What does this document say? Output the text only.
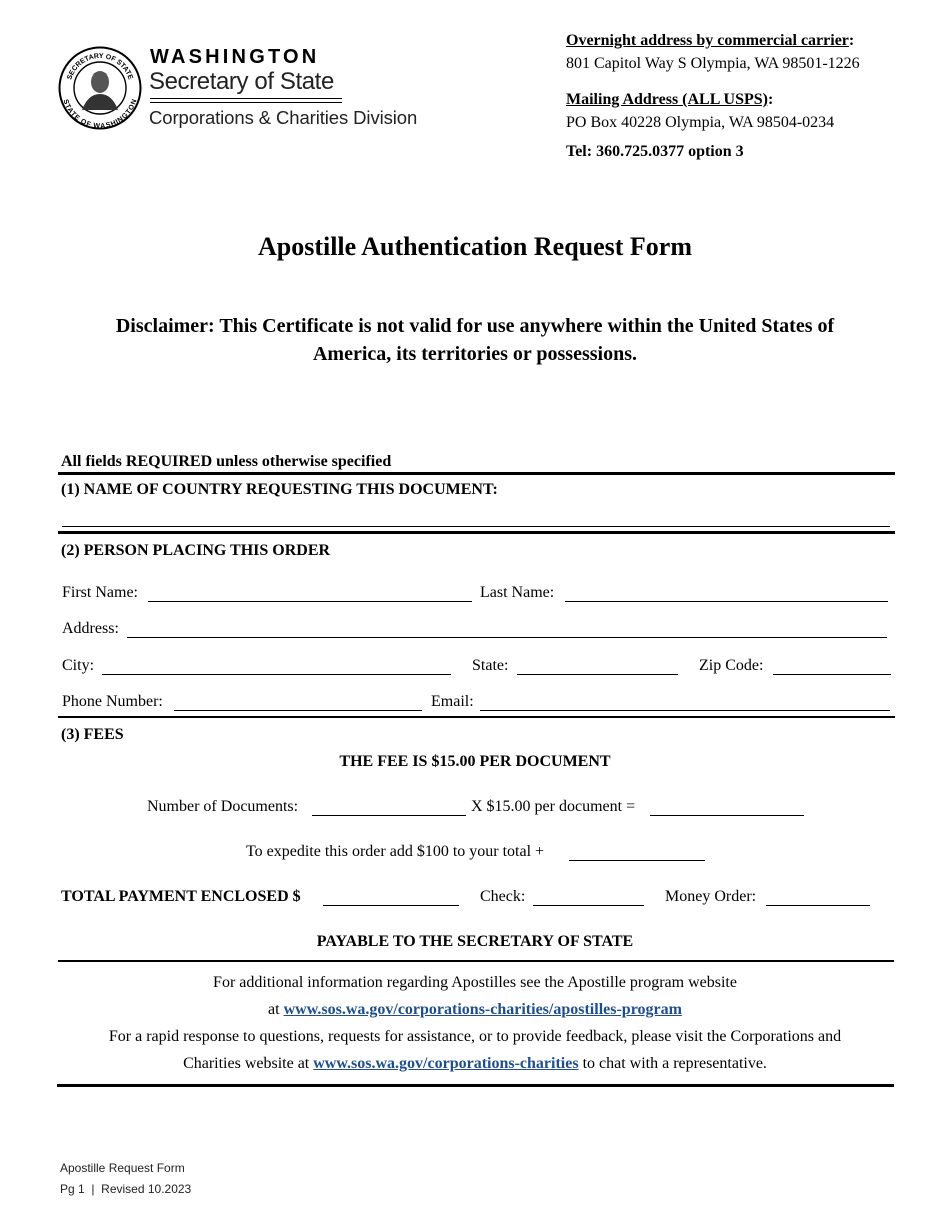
SECRETARY OF STATE
STATE OF WASHINGTON
WASHINGTON
Secretary of State
Corporations & Charities Division
Overnight address by commercial carrier:
801 Capitol Way S Olympia, WA 98501-1226
Mailing Address (ALL USPS):
PO Box 40228 Olympia, WA 98504-0234
Tel: 360.725.0377 option 3
Apostille Authentication Request Form
Disclaimer: This Certificate is not valid for use anywhere within the United States of
America, its territories or possessions.
All fields REQUIRED unless otherwise specified
(1) NAME OF COUNTRY REQUESTING THIS DOCUMENT:
(2) PERSON PLACING THIS ORDER
First Name:	Last Name:
Address:
City:	State:	Zip Code:
Phone Number:	Email:
(3) FEES
THE FEE IS $15.00 PER DOCUMENT
Number of Documents:	X $15.00 per document =
To expedite this order add $100 to your total +
TOTAL PAYMENT ENCLOSED $	Check:	Money Order:
PAYABLE TO THE SECRETARY OF STATE
For additional information regarding Apostilles see the Apostille program website
at www.sos.wa.gov/corporations-charities/apostilles-program
For a rapid response to questions, requests for assistance, or to provide feedback, please visit the Corporations and
Charities website at www.sos.wa.gov/corporations-charities to chat with a representative.
Apostille Request Form
Pg 1 | Revised 10.2023
